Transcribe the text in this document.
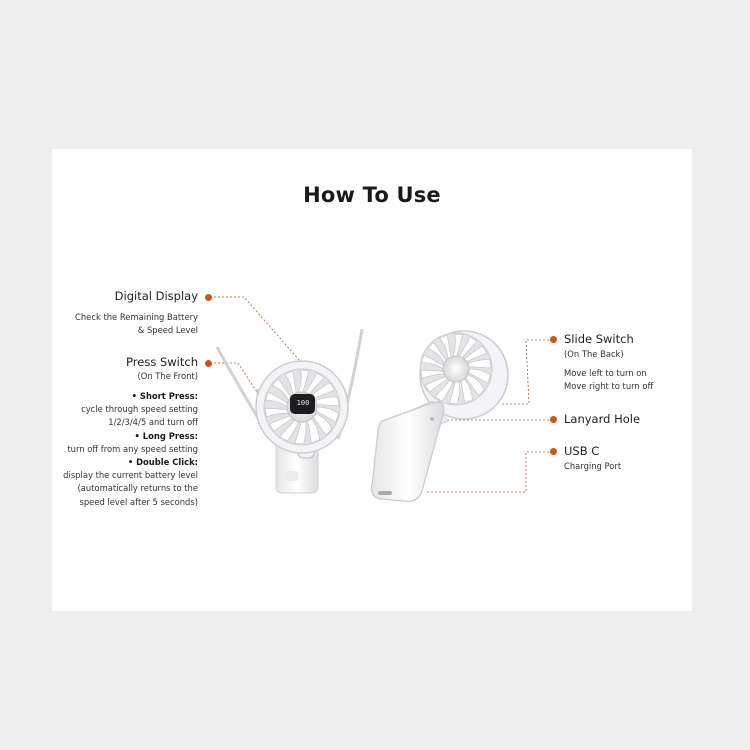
How To Use
100
Digital Display
Check the Remaining Battery
& Speed Level
Press Switch
(On The Front)
• Short Press:
cycle through speed setting
1/2/3/4/5 and turn off
• Long Press:
turn off from any speed setting
• Double Click:
display the current battery level
(automatically returns to the
speed level after 5 seconds)
Slide Switch
(On The Back)
Move left to turn on
Move right to turn off
Lanyard Hole
USB C
Charging Port
